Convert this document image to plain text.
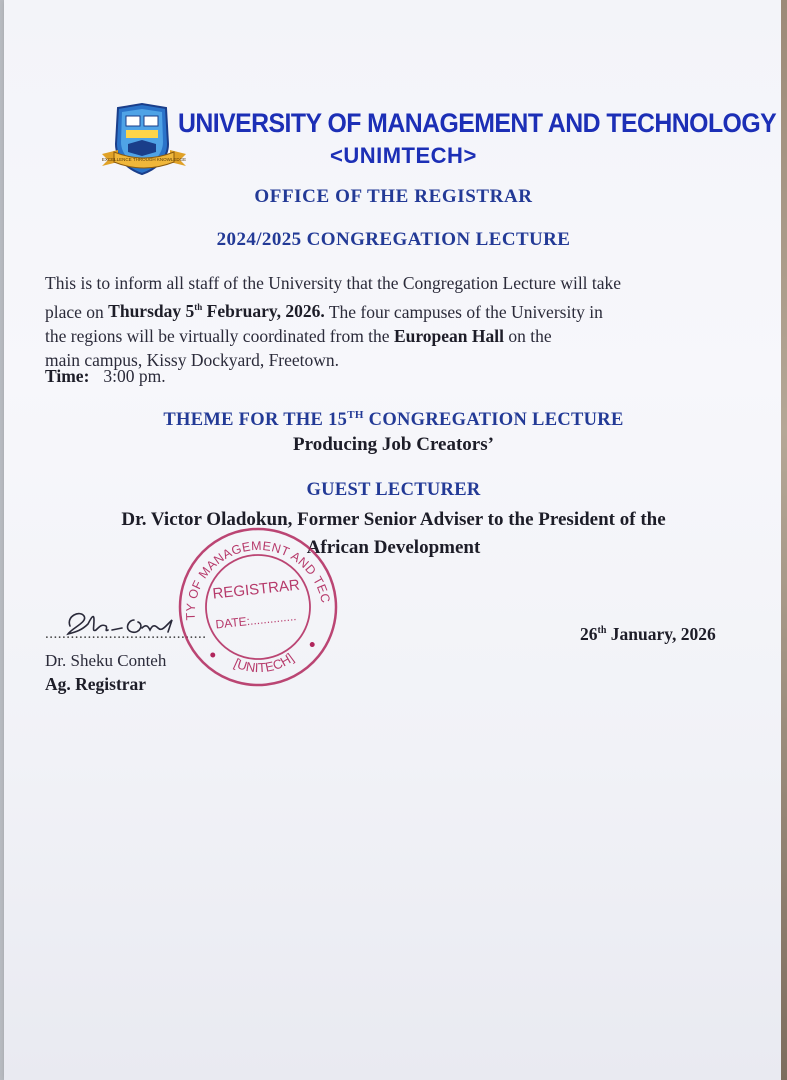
EXCELLENCE THROUGH KNOWLEDGE
UNIVERSITY OF MANAGEMENT AND TECHNOLOGY
<UNIMTECH>
OFFICE OF THE REGISTRAR
2024/2025 CONGREGATION LECTURE
This is to inform all staff of the University that the Congregation Lecture will take
place on Thursday 5th February, 2026. The four campuses of the University in
the regions will be virtually coordinated from the European Hall on the
main campus, Kissy Dockyard, Freetown.
Time: 3:00 pm.
THEME FOR THE 15TH CONGREGATION LECTURE
Producing Job Creators’
GUEST LECTURER
Dr. Victor Oladokun, Former Senior Adviser to the President of the
African Development
......................................
Dr. Sheku Conteh
Ag. Registrar
26th January, 2026
UNIVERSITY OF MANAGEMENT AND TECHNOLOGY
[UNITECH]
REGISTRAR
DATE:..............
